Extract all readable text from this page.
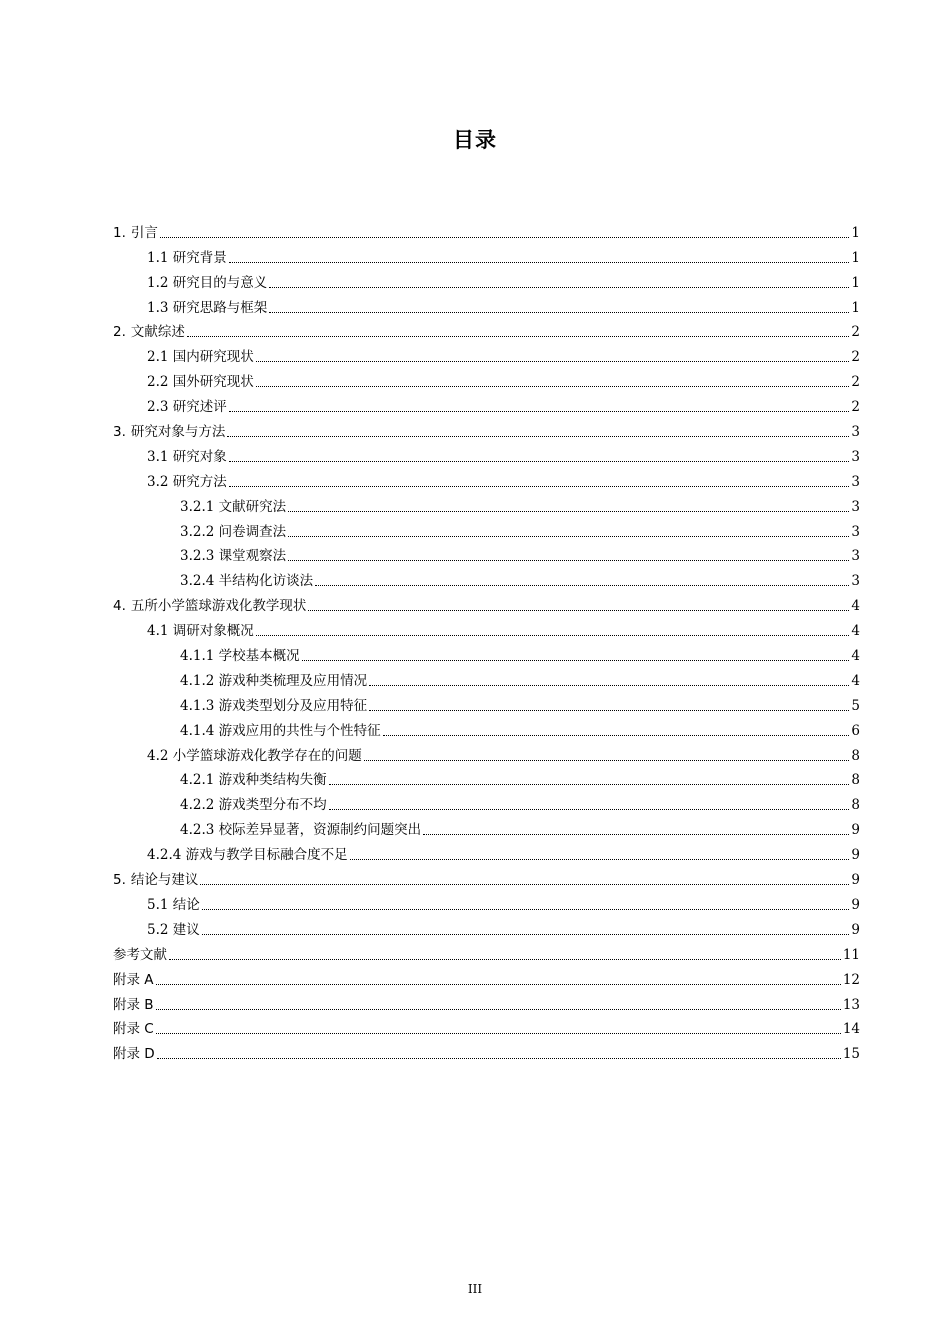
目录
1. 引言	1
1.1 研究背景	1
1.2 研究目的与意义	1
1.3 研究思路与框架	1
2. 文献综述	2
2.1 国内研究现状	2
2.2 国外研究现状	2
2.3 研究述评	2
3. 研究对象与方法	3
3.1 研究对象	3
3.2 研究方法	3
3.2.1 文献研究法	3
3.2.2 问卷调查法	3
3.2.3 课堂观察法	3
3.2.4 半结构化访谈法	3
4. 五所小学篮球游戏化教学现状	4
4.1 调研对象概况	4
4.1.1 学校基本概况	4
4.1.2 游戏种类梳理及应用情况	4
4.1.3 游戏类型划分及应用特征	5
4.1.4 游戏应用的共性与个性特征	6
4.2 小学篮球游戏化教学存在的问题	8
4.2.1 游戏种类结构失衡	8
4.2.2 游戏类型分布不均	8
4.2.3 校际差异显著，资源制约问题突出	9
4.2.4 游戏与教学目标融合度不足	9
5. 结论与建议	9
5.1 结论	9
5.2 建议	9
参考文献	11
附录 A	12
附录 B	13
附录 C	14
附录 D	15
III
